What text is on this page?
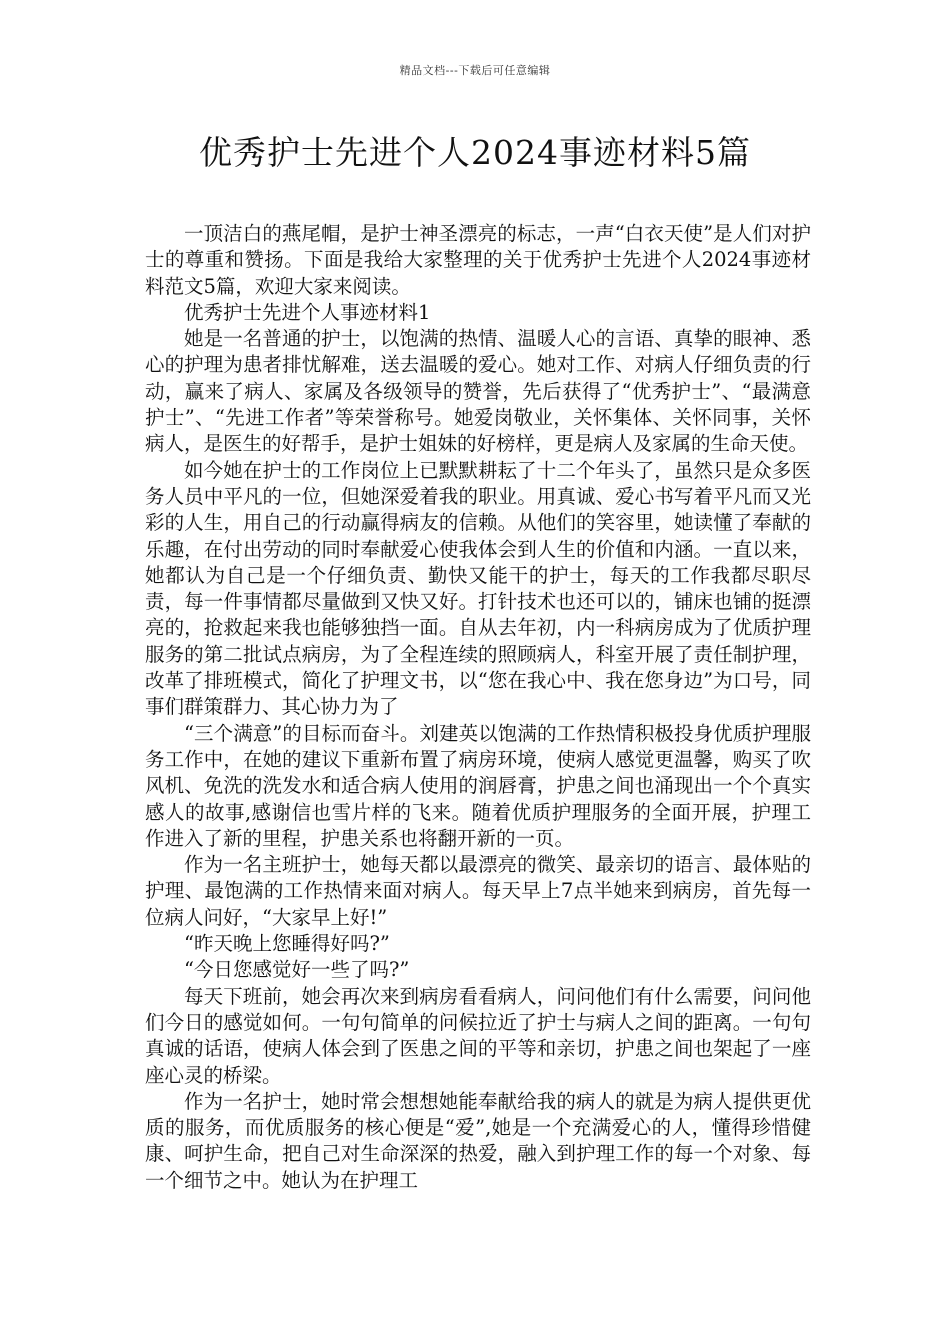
精品文档---下载后可任意编辑
优秀护士先进个人2024事迹材料5篇

一顶洁白的燕尾帽，是护士神圣漂亮的标志，一声“白衣天使”是人们对护士的尊重和赞扬。下面是我给大家整理的关于优秀护士先进个人2024事迹材料范文5篇，欢迎大家来阅读。

优秀护士先进个人事迹材料1

她是一名普通的护士，以饱满的热情、温暖人心的言语、真挚的眼神、悉心的护理为患者排忧解难，送去温暖的爱心。她对工作、对病人仔细负责的行动，赢来了病人、家属及各级领导的赞誉，先后获得了“优秀护士”、“最满意护士”、“先进工作者”等荣誉称号。她爱岗敬业，关怀集体、关怀同事，关怀病人，是医生的好帮手，是护士姐妹的好榜样，更是病人及家属的生命天使。

如今她在护士的工作岗位上已默默耕耘了十二个年头了，虽然只是众多医务人员中平凡的一位，但她深爱着我的职业。用真诚、爱心书写着平凡而又光彩的人生，用自己的行动赢得病友的信赖。从他们的笑容里，她读懂了奉献的乐趣，在付出劳动的同时奉献爱心使我体会到人生的价值和内涵。一直以来，她都认为自己是一个仔细负责、勤快又能干的护士，每天的工作我都尽职尽责，每一件事情都尽量做到又快又好。打针技术也还可以的，铺床也铺的挺漂亮的，抢救起来我也能够独挡一面。自从去年初，内一科病房成为了优质护理服务的第二批试点病房，为了全程连续的照顾病人，科室开展了责任制护理，改革了排班模式，简化了护理文书，以“您在我心中、我在您身边”为口号，同事们群策群力、其心协力为了

“三个满意”的目标而奋斗。刘建英以饱满的工作热情积极投身优质护理服务工作中，在她的建议下重新布置了病房环境，使病人感觉更温馨，购买了吹风机、免洗的洗发水和适合病人使用的润唇膏，护患之间也涌现出一个个真实感人的故事,感谢信也雪片样的飞来。随着优质护理服务的全面开展，护理工作进入了新的里程，护患关系也将翻开新的一页。

作为一名主班护士，她每天都以最漂亮的微笑、最亲切的语言、最体贴的护理、最饱满的工作热情来面对病人。每天早上7点半她来到病房，首先每一位病人问好，“大家早上好!”

“昨天晚上您睡得好吗?”

“今日您感觉好一些了吗?”

每天下班前，她会再次来到病房看看病人，问问他们有什么需要，问问他们今日的感觉如何。一句句简单的问候拉近了护士与病人之间的距离。一句句真诚的话语，使病人体会到了医患之间的平等和亲切，护患之间也架起了一座座心灵的桥梁。

作为一名护士，她时常会想想她能奉献给我的病人的就是为病人提供更优质的服务，而优质服务的核心便是“爱”,她是一个充满爱心的人，懂得珍惜健康、呵护生命，把自己对生命深深的热爱，融入到护理工作的每一个对象、每一个细节之中。她认为在护理工
